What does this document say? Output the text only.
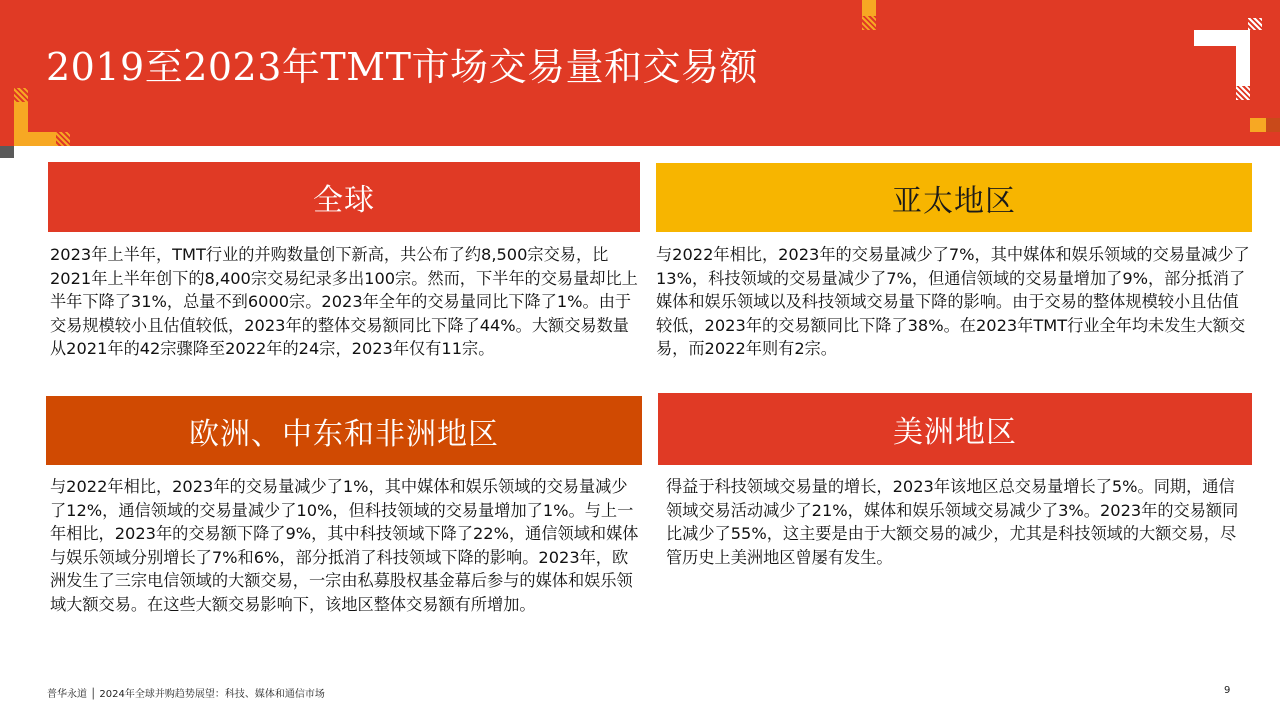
2019至2023年TMT市场交易量和交易额
全球
2023年上半年，TMT行业的并购数量创下新高，共公布了约8,500宗交易，比2021年上半年创下的8,400宗交易纪录多出100宗。然而，下半年的交易量却比上半年下降了31%，总量不到6000宗。2023年全年的交易量同比下降了1%。由于交易规模较小且估值较低，2023年的整体交易额同比下降了44%。大额交易数量从2021年的42宗骤降至2022年的24宗，2023年仅有11宗。
亚太地区
与2022年相比，2023年的交易量减少了7%，其中媒体和娱乐领域的交易量减少了13%，科技领域的交易量减少了7%，但通信领域的交易量增加了9%，部分抵消了媒体和娱乐领域以及科技领域交易量下降的影响。由于交易的整体规模较小且估值较低，2023年的交易额同比下降了38%。在2023年TMT行业全年均未发生大额交易，而2022年则有2宗。
欧洲、中东和非洲地区
与2022年相比，2023年的交易量减少了1%，其中媒体和娱乐领域的交易量减少了12%，通信领域的交易量减少了10%，但科技领域的交易量增加了1%。与上一年相比，2023年的交易额下降了9%，其中科技领域下降了22%，通信领域和媒体与娱乐领域分别增长了7%和6%，部分抵消了科技领域下降的影响。2023年，欧洲发生了三宗电信领域的大额交易，一宗由私募股权基金幕后参与的媒体和娱乐领域大额交易。在这些大额交易影响下，该地区整体交易额有所增加。
美洲地区
得益于科技领域交易量的增长，2023年该地区总交易量增长了5%。同期，通信领域交易活动减少了21%，媒体和娱乐领域交易减少了3%。2023年的交易额同比减少了55%，这主要是由于大额交易的减少，尤其是科技领域的大额交易，尽管历史上美洲地区曾屡有发生。
普华永道 │ 2024年全球并购趋势展望：科技、媒体和通信市场	9
